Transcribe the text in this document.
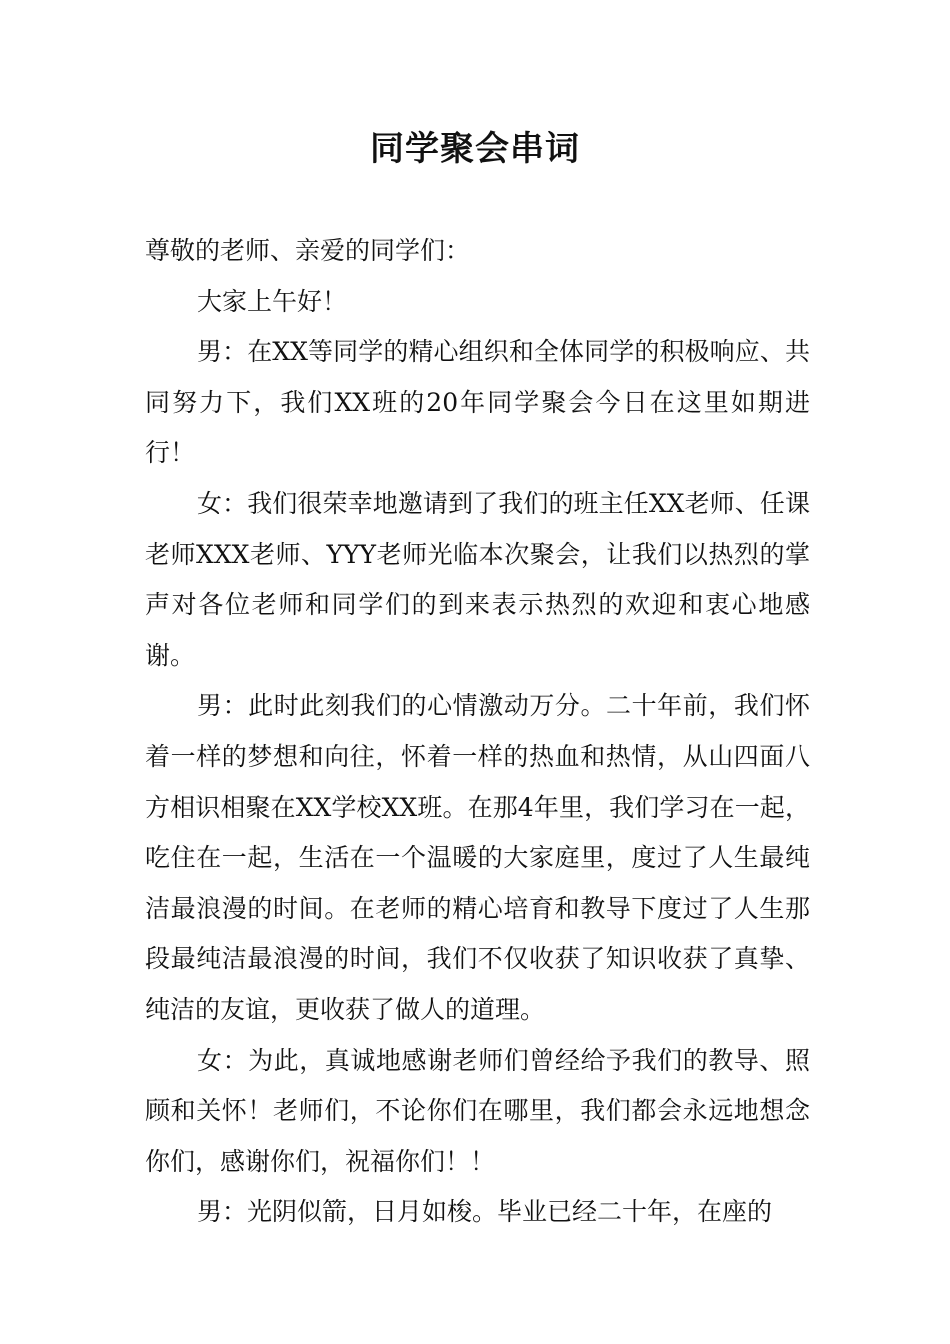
同学聚会串词

尊敬的老师、亲爱的同学们：

大家上午好！

男：在XX等同学的精心组织和全体同学的积极响应、共同努力下，我们XX班的20年同学聚会今日在这里如期进行！

女：我们很荣幸地邀请到了我们的班主任XX老师、任课老师XXX老师、YYY老师光临本次聚会，让我们以热烈的掌声对各位老师和同学们的到来表示热烈的欢迎和衷心地感谢。

男：此时此刻我们的心情激动万分。二十年前，我们怀着一样的梦想和向往，怀着一样的热血和热情，从山四面八方相识相聚在XX学校XX班。在那4年里，我们学习在一起，吃住在一起，生活在一个温暖的大家庭里，度过了人生最纯洁最浪漫的时间。在老师的精心培育和教导下度过了人生那段最纯洁最浪漫的时间，我们不仅收获了知识收获了真挚、纯洁的友谊，更收获了做人的道理。

女：为此，真诚地感谢老师们曾经给予我们的教导、照顾和关怀！老师们，不论你们在哪里，我们都会永远地想念你们，感谢你们，祝福你们！！

男：光阴似箭，日月如梭。毕业已经二十年，在座的
